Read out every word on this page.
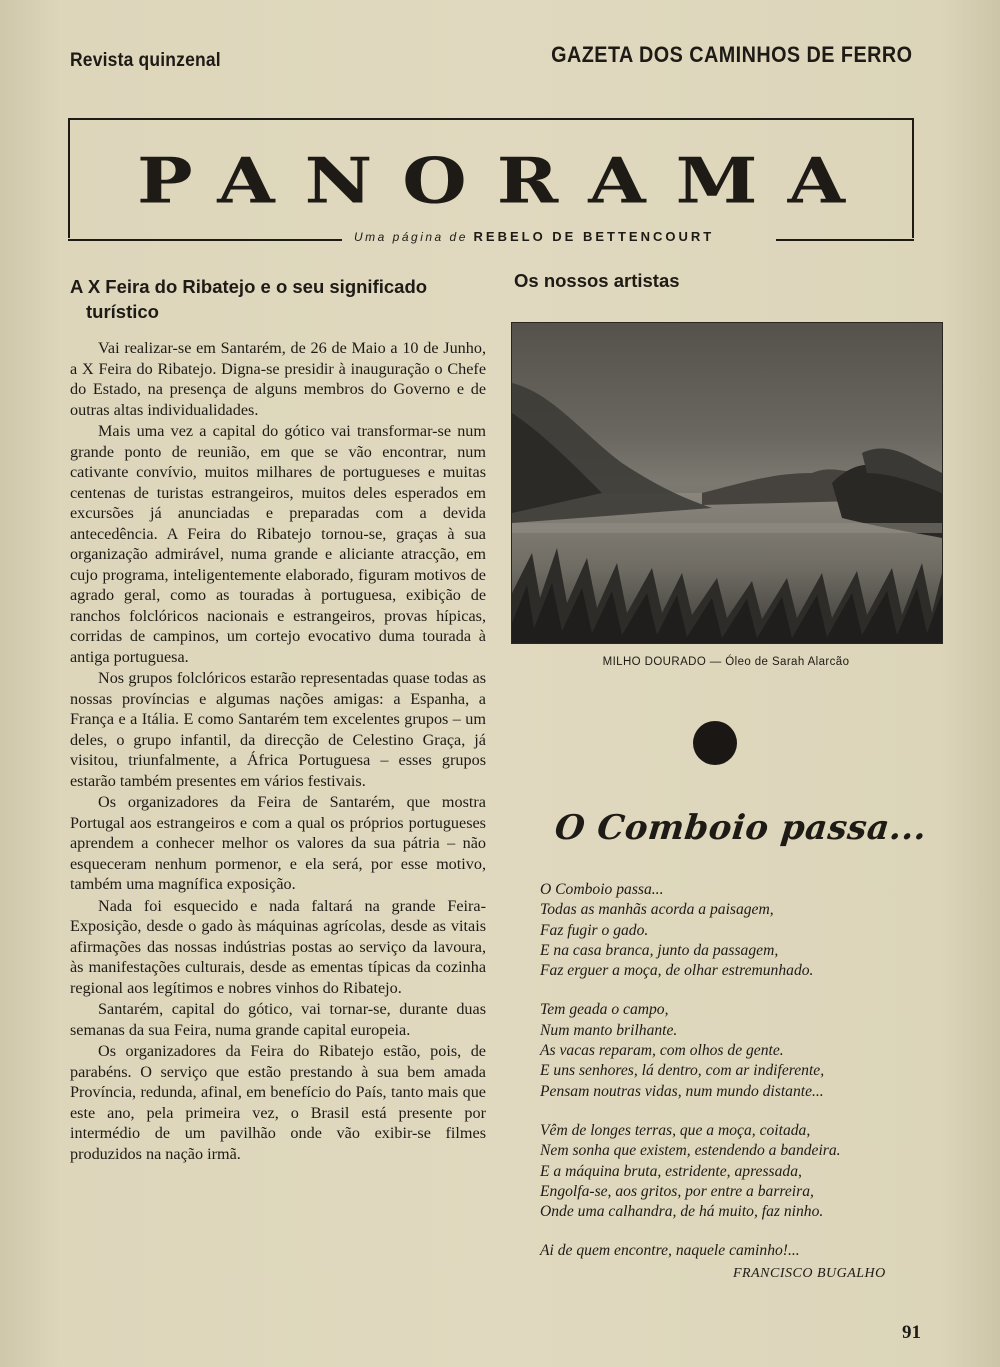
Revista quinzenal	GAZETA DOS CAMINHOS DE FERRO
PANORAMA
Uma página de REBELO DE BETTENCOURT
A X Feira do Ribatejo e o seu significado
turístico

Vai realizar-se em Santarém, de 26 de Maio a 10 de Junho, a X Feira do Ribatejo. Digna-se presidir à inauguração o Chefe do Estado, na presença de alguns membros do Governo e de outras altas individualidades.

Mais uma vez a capital do gótico vai transformar-se num grande ponto de reunião, em que se vão encontrar, num cativante convívio, muitos milhares de portugueses e muitas centenas de turistas estrangeiros, muitos deles esperados em excursões já anunciadas e preparadas com a devida antecedência. A Feira do Ribatejo tornou-se, graças à sua organização admirável, numa grande e aliciante atracção, em cujo programa, inteligentemente elaborado, figuram motivos de agrado geral, como as touradas à portuguesa, exibição de ranchos folclóricos nacionais e estrangeiros, provas hípicas, corridas de campinos, um cortejo evocativo duma tourada à antiga portuguesa.

Nos grupos folclóricos estarão representadas quase todas as nossas províncias e algumas nações amigas: a Espanha, a França e a Itália. E como Santarém tem excelentes grupos – um deles, o grupo infantil, da direcção de Celestino Graça, já visitou, triunfalmente, a África Portuguesa – esses grupos estarão também presentes em vários festivais.

Os organizadores da Feira de Santarém, que mostra Portugal aos estrangeiros e com a qual os próprios portugueses aprendem a conhecer melhor os valores da sua pátria – não esqueceram nenhum pormenor, e ela será, por esse motivo, também uma magnífica exposição.

Nada foi esquecido e nada faltará na grande Feira-Exposição, desde o gado às máquinas agrícolas, desde as vitais afirmações das nossas indústrias postas ao serviço da lavoura, às manifestações culturais, desde as ementas típicas da cozinha regional aos legítimos e nobres vinhos do Ribatejo.

Santarém, capital do gótico, vai tornar-se, durante duas semanas da sua Feira, numa grande capital europeia.

Os organizadores da Feira do Ribatejo estão, pois, de parabéns. O serviço que estão prestando à sua bem amada Província, redunda, afinal, em benefício do País, tanto mais que este ano, pela primeira vez, o Brasil está presente por intermédio de um pavilhão onde vão exibir-se filmes produzidos na nação irmã.

Os nossos artistas
MILHO DOURADO — Óleo de Sarah Alarcão
O Comboio passa...
O Comboio passa...
Todas as manhãs acorda a paisagem,
Faz fugir o gado.
E na casa branca, junto da passagem,
Faz erguer a moça, de olhar estremunhado.
Tem geada o campo,
Num manto brilhante.
As vacas reparam, com olhos de gente.
E uns senhores, lá dentro, com ar indiferente,
Pensam noutras vidas, num mundo distante...
Vêm de longes terras, que a moça, coitada,
Nem sonha que existem, estendendo a bandeira.
E a máquina bruta, estridente, apressada,
Engolfa-se, aos gritos, por entre a barreira,
Onde uma calhandra, de há muito, faz ninho.
Ai de quem encontre, naquele caminho!...
FRANCISCO BUGALHO
91
